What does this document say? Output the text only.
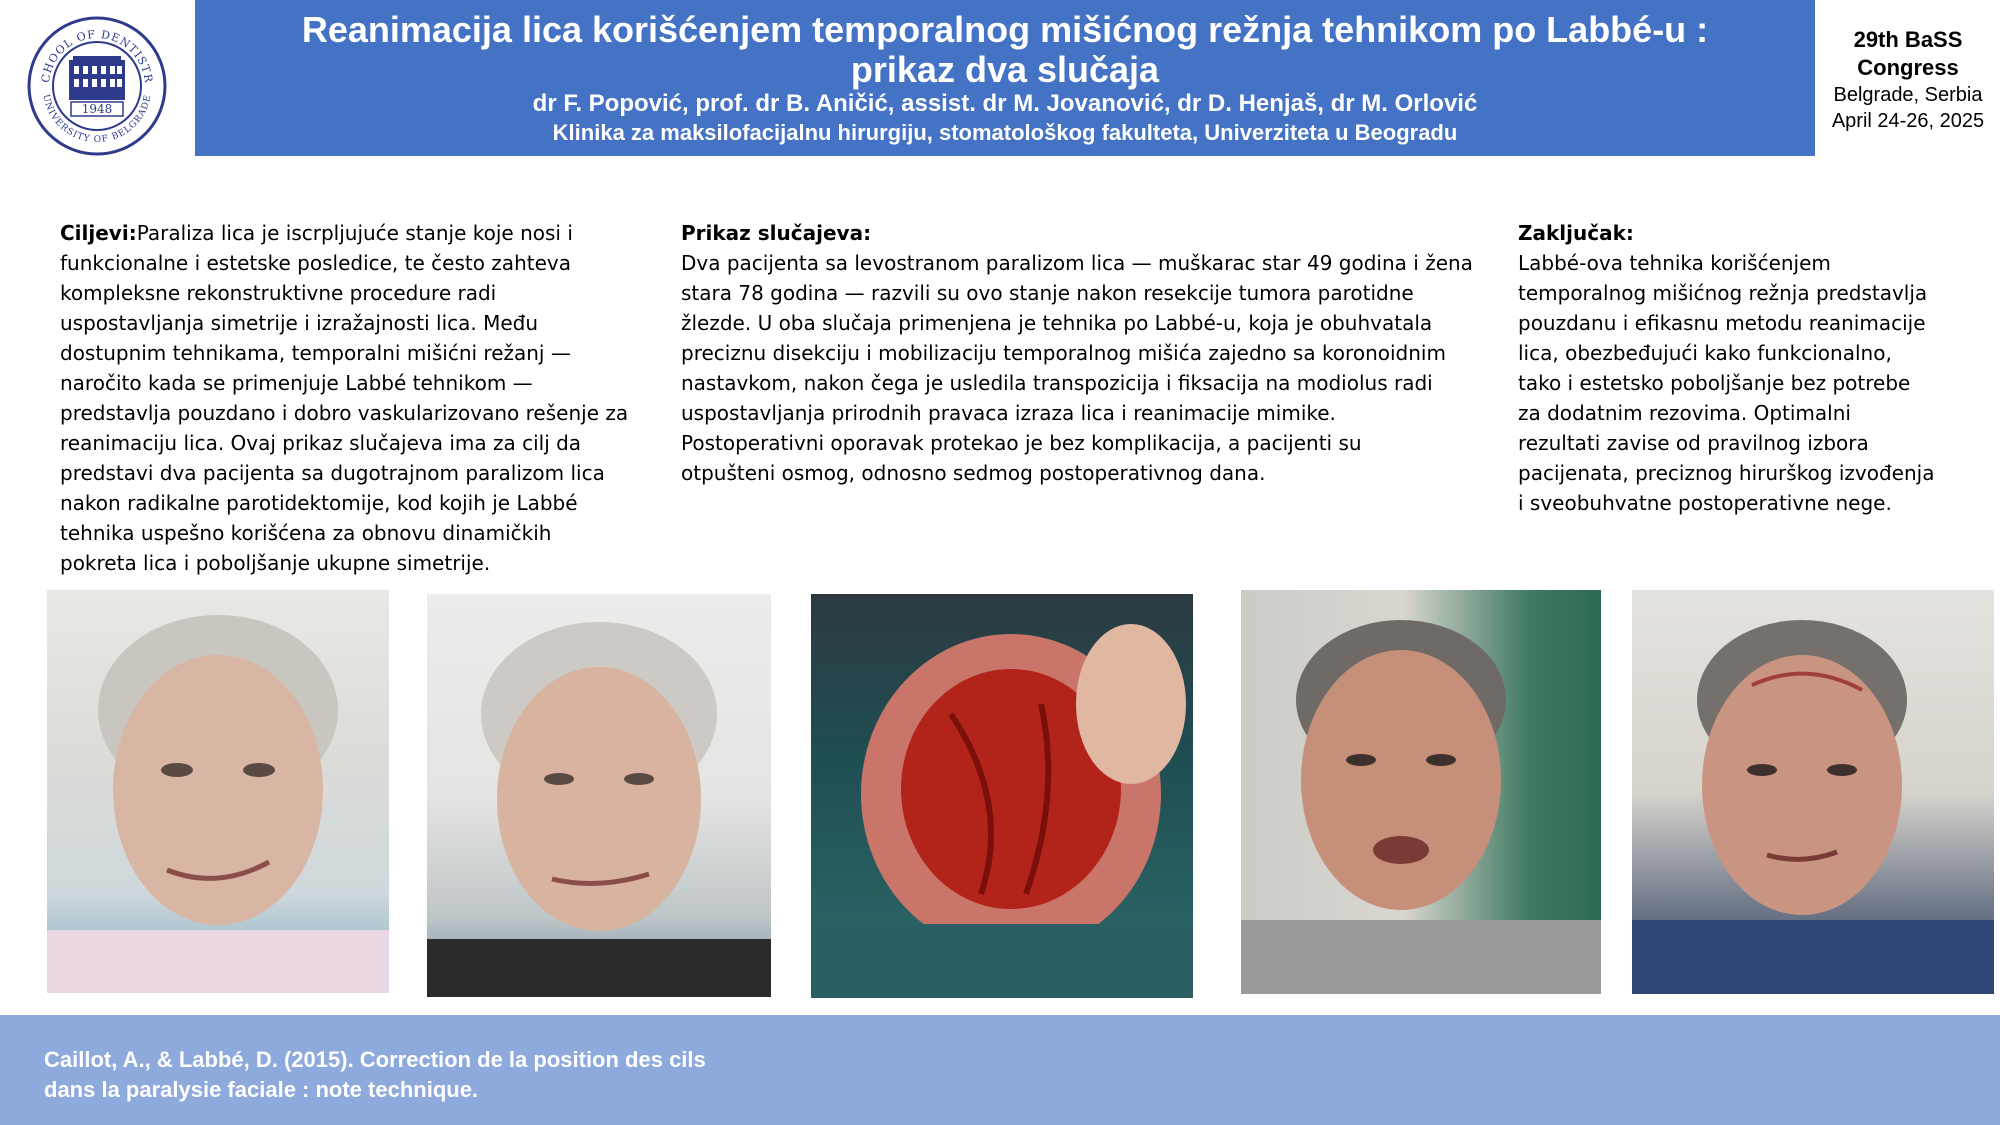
CHOOL OF DENTISTR
UNIVERSITY OF BELGRADE
1948
Reanimacija lica korišćenjem temporalnog mišićnog režnja tehnikom po Labbé-u :
prikaz dva slučaja
dr F. Popović, prof. dr B. Aničić, assist. dr M. Jovanović, dr D. Henjaš, dr M. Orlović
Klinika za maksilofacijalnu hirurgiju, stomatološkog fakulteta, Univerziteta u Beogradu
29th BaSS
Congress
Belgrade, Serbia
April 24-26, 2025
Ciljevi:Paraliza lica je iscrpljujuće stanje koje nosi i
funkcionalne i estetske posledice, te često zahteva
kompleksne rekonstruktivne procedure radi
uspostavljanja simetrije i izražajnosti lica. Među
dostupnim tehnikama, temporalni mišićni režanj —
naročito kada se primenjuje Labbé tehnikom —
predstavlja pouzdano i dobro vaskularizovano rešenje za
reanimaciju lica. Ovaj prikaz slučajeva ima za cilj da
predstavi dva pacijenta sa dugotrajnom paralizom lica
nakon radikalne parotidektomije, kod kojih je Labbé
tehnika uspešno korišćena za obnovu dinamičkih
pokreta lica i poboljšanje ukupne simetrije.
Prikaz slučajeva:
Dva pacijenta sa levostranom paralizom lica — muškarac star 49 godina i žena
stara 78 godina — razvili su ovo stanje nakon resekcije tumora parotidne
žlezde. U oba slučaja primenjena je tehnika po Labbé-u, koja je obuhvatala
preciznu disekciju i mobilizaciju temporalnog mišića zajedno sa koronoidnim
nastavkom, nakon čega je usledila transpozicija i fiksacija na modiolus radi
uspostavljanja prirodnih pravaca izraza lica i reanimacije mimike.
Postoperativni oporavak protekao je bez komplikacija, a pacijenti su
otpušteni osmog, odnosno sedmog postoperativnog dana.
Zaključak:
Labbé-ova tehnika korišćenjem
temporalnog mišićnog režnja predstavlja
pouzdanu i efikasnu metodu reanimacije
lica, obezbeđujući kako funkcionalno,
tako i estetsko poboljšanje bez potrebe
za dodatnim rezovima. Optimalni
rezultati zavise od pravilnog izbora
pacijenata, preciznog hirurškog izvođenja
i sveobuhvatne postoperativne nege.
Caillot, A., & Labbé, D. (2015). Correction de la position des cils
dans la paralysie faciale : note technique.
